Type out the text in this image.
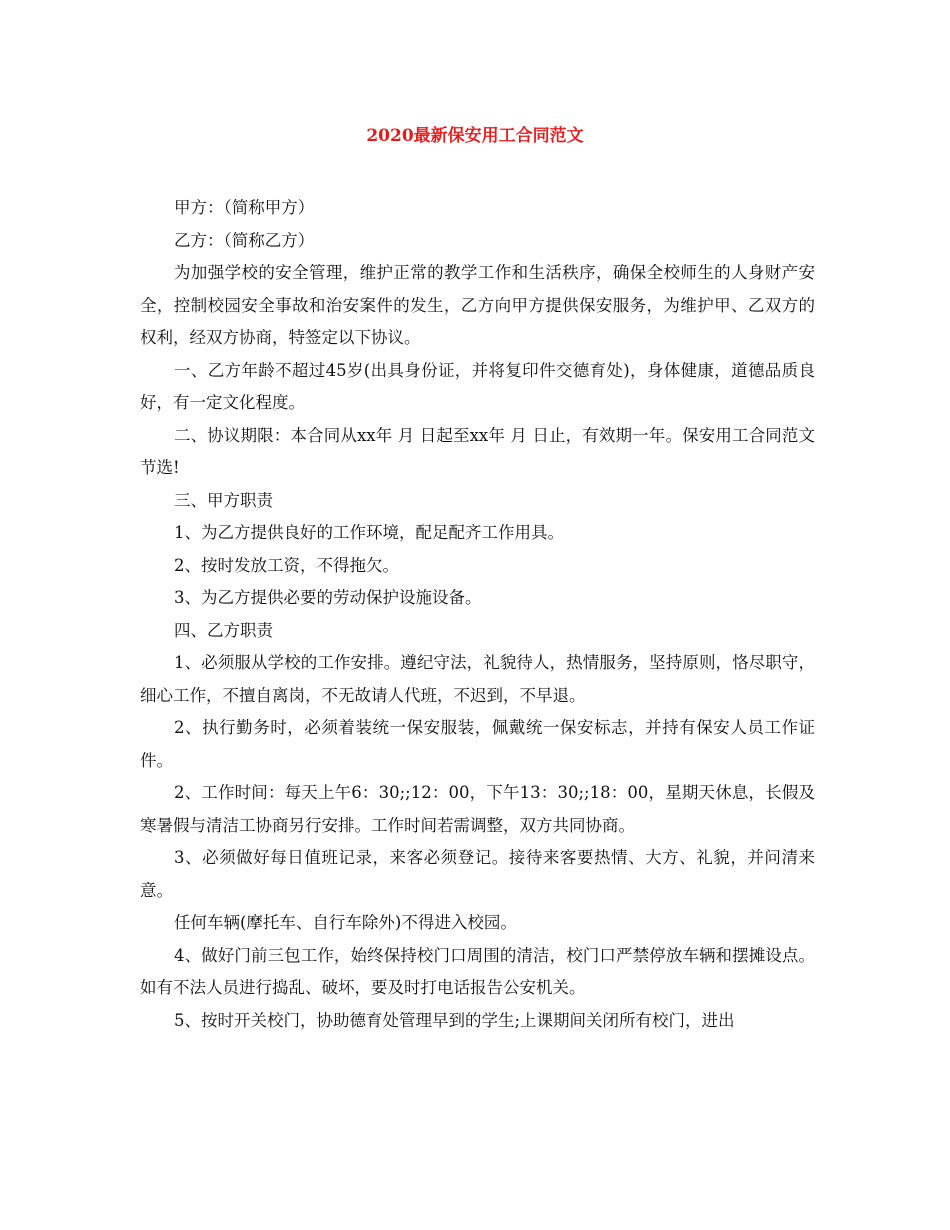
2020最新保安用工合同范文

甲方：（简称甲方）

乙方：（简称乙方）

为加强学校的安全管理，维护正常的教学工作和生活秩序，确保全校师生的人身财产安全，控制校园安全事故和治安案件的发生，乙方向甲方提供保安服务，为维护甲、乙双方的权利，经双方协商，特签定以下协议。

一、乙方年龄不超过45岁(出具身份证，并将复印件交德育处)，身体健康，道德品质良好，有一定文化程度。

二、协议期限：本合同从xx年 月 日起至xx年 月 日止，有效期一年。保安用工合同范文节选!

三、甲方职责

1、为乙方提供良好的工作环境，配足配齐工作用具。

2、按时发放工资，不得拖欠。

3、为乙方提供必要的劳动保护设施设备。

四、乙方职责

1、必须服从学校的工作安排。遵纪守法，礼貌待人，热情服务，坚持原则，恪尽职守，细心工作，不擅自离岗，不无故请人代班，不迟到，不早退。

2、执行勤务时，必须着装统一保安服装，佩戴统一保安标志，并持有保安人员工作证件。

2、工作时间：每天上午6：30;;12：00，下午13：30;;18：00，星期天休息，长假及寒暑假与清洁工协商另行安排。工作时间若需调整，双方共同协商。

3、必须做好每日值班记录，来客必须登记。接待来客要热情、大方、礼貌，并问清来意。

任何车辆(摩托车、自行车除外)不得进入校园。

4、做好门前三包工作，始终保持校门口周围的清洁，校门口严禁停放车辆和摆摊设点。如有不法人员进行捣乱、破坏，要及时打电话报告公安机关。

5、按时开关校门，协助德育处管理早到的学生;上课期间关闭所有校门，进出
